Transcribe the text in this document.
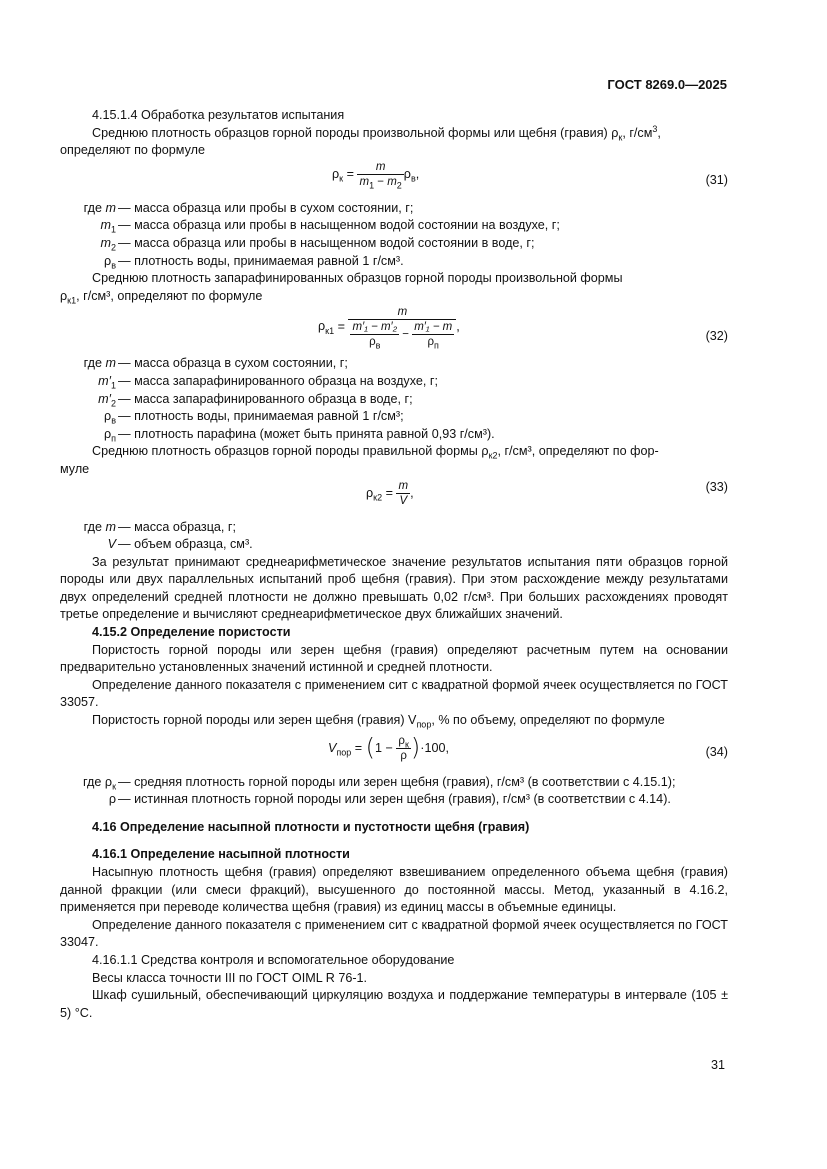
ГОСТ 8269.0—2025

4.15.1.4 Обработка результатов испытания

Среднюю плотность образцов горной породы произвольной формы или щебня (гравия) $\rho_к$, $г/см^3$,

определяют по формуле

$\rho_к = \frac{m}{m_1 - m_2} \rho_в$,	(31)
где m — масса образца или пробы в сухом состоянии, г;
$m_1$ — масса образца или пробы в насыщенном водой состоянии на воздухе, г;
$m_2$ — масса образца или пробы в насыщенном водой состоянии в воде, г;
$\rho_в$ — плотность воды, принимаемая равной 1 г/см³.

Среднюю плотность запарафинированных образцов горной породы произвольной формы

$\rho_{к1}$, г/см³, определяют по формуле

$\rho_{к1} = \frac{m}{\frac{\text{m′₁ − m′₂}}{\rho_в} - \frac{\text{m′₁ − m}}{\rho_п}}$ ,
(32)
где m — масса образца в сухом состоянии, г;
$m'_1$ — масса запарафинированного образца на воздухе, г;
$m'_2$ — масса запарафинированного образца в воде, г;
$\rho_в$ — плотность воды, принимаемая равной 1 г/см³;
$\rho_п$ — плотность парафина (может быть принята равной 0,93 г/см³).

Среднюю плотность образцов горной породы правильной формы $\rho_{к2}$, г/см³, определяют по фор-

муле

$\rho_{к2} = \frac{m}{V}$ ,	(33)
где m — масса образца, г;
V — объем образца, см³.

За результат принимают среднеарифметическое значение результатов испытания пяти образцов горной породы или двух параллельных испытаний проб щебня (гравия). При этом расхождение между результатами двух определений средней плотности не должно превышать 0,02 г/см³. При больших расхождениях проводят третье определение и вычисляют среднеарифметическое двух ближайших значений.

4.15.2 Определение пористости

Пористость горной породы или зерен щебня (гравия) определяют расчетным путем на основании предварительно установленных значений истинной и средней плотности.

Определение данного показателя с применением сит с квадратной формой ячеек осуществляется по ГОСТ 33057.

Пористость горной породы или зерен щебня (гравия) $V_{пор}$, % по объему, определяют по формуле

$V_{пор} = (1 - \frac{\rho_к}{\rho} )\cdot 100$,	(34)
где $\rho_к$ — средняя плотность горной породы или зерен щебня (гравия), г/см³ (в соответствии с 4.15.1);
ρ — истинная плотность горной породы или зерен щебня (гравия), г/см³ (в соответствии с 4.14).

4.16 Определение насыпной плотности и пустотности щебня (гравия)

4.16.1 Определение насыпной плотности

Насыпную плотность щебня (гравия) определяют взвешиванием определенного объема щебня (гравия) данной фракции (или смеси фракций), высушенного до постоянной массы. Метод, указанный в 4.16.2, применяется при переводе количества щебня (гравия) из единиц массы в объемные единицы.

Определение данного показателя с применением сит с квадратной формой ячеек осуществляется по ГОСТ 33047.

4.16.1.1 Средства контроля и вспомогательное оборудование

Весы класса точности III по ГОСТ OIML R 76-1.

Шкаф сушильный, обеспечивающий циркуляцию воздуха и поддержание температуры в интервале (105 ± 5) °C.

31
